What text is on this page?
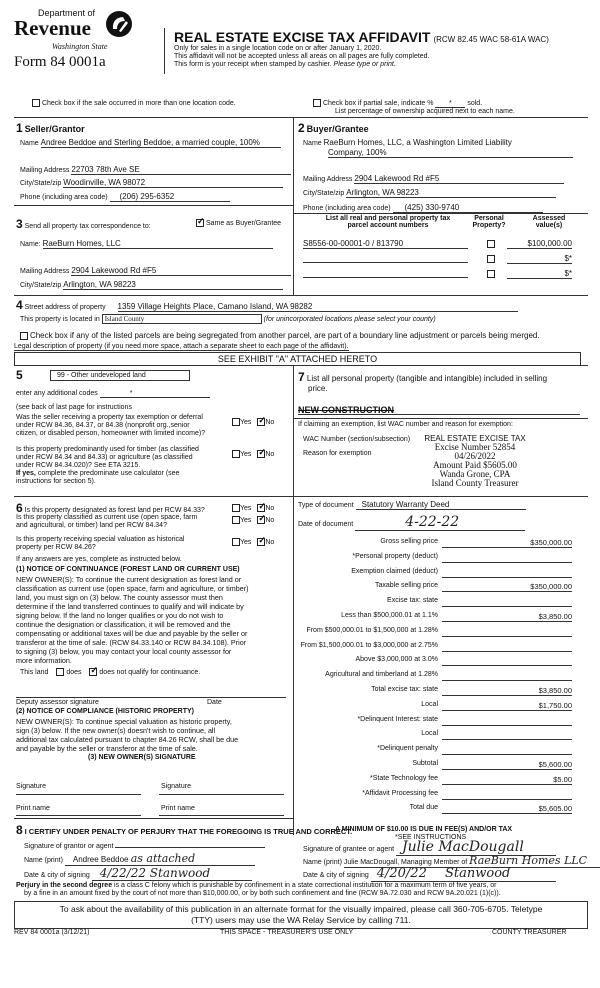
Department of
Revenue
Washington State
Form 84 0001a
REAL ESTATE EXCISE TAX AFFIDAVIT (RCW 82.45 WAC 58-61A WAC)
Only for sales in a single location code on or after January 1, 2020.
This affidavit will not be accepted unless all areas on all pages are fully completed.
This form is your receipt when stamped by cashier. Please type or print.
Check box if the sale occurred in more than one location code.	Check box if partial sale, indicate % * sold.
List percentage of ownership acquired next to each name.
1 Seller/Grantor
Name Andree Beddoe and Sterling Beddoe, a married couple, 100%
Mailing Address 22703 78th Ave SE
City/State/zip Woodinville, WA 98072
Phone (including area code) (206) 295-6352
2 Buyer/Grantee
Name RaeBurn Homes, LLC, a Washington Limited Liability
Company, 100%
Mailing Address 2904 Lakewood Rd #F5
City/State/zip Arlington, WA 98223
Phone (including area code) (425) 330-9740
3 Send all property tax correspondence to: ✓	Same as Buyer/Grantee
Name: RaeBurn Homes, LLC
Mailing Address 2904 Lakewood Rd #F5
City/State/zip Arlington, WA 98223
List all real and personal property tax
parcel account numbers
Personal
Property?
Assessed
value(s)
S8556-00-00001-0 / 813790	$100,000.00
$*
$*
4 Street address of property 1359 Village Heights Place, Camano Island, WA 98282
This property is located in Island County	(for unincorporated locations please select your county)
Check box if any of the listed parcels are being segregated from another parcel, are part of a boundary line adjustment or parcels being merged.
Legal description of property (if you need more space, attach a separate sheet to each page of the affidavit).
SEE EXHIBIT "A" ATTACHED HERETO
5	99 - Other undeveloped land
enter any additional codes	*
(see back of last page for instructions
Was the seller receiving a property tax exemption or deferral
under RCW 84.36, 84.37, or 84.38 (nonprofit org.,senior
citizen, or disabled person, homeowner with limited income)?
Yes ✓ No
Is this property predominantly used for timber (as classified
under RCW 84.34 and 84.33) or agriculture (as classified
under RCW 84.34.020)? See ETA 3215.
If yes, complete the predominate use calculator (see
instructions for section 5).
Yes ✓ No
6 Is this property designated as forest land per RCW 84.33?	Yes ✓ No
Is this property classified as current use (open space, farm
and agricultural, or timber) land per RCW 84.34?
Yes ✓ No
Is this property receiving special valuation as historical
property per RCW 84.26?
Yes ✓ No
If any answers are yes, complete as instructed below.
(1) NOTICE OF CONTINUANCE (FOREST LAND OR CURRENT USE)
NEW OWNER(S): To continue the current designation as forest land or
classification as current use (open space, farm and agriculture, or timber)
land, you must sign on (3) below. The county assessor must then
determine if the land transferred continues to qualify and will indicate by
signing below. If the land no longer qualifies or you do not wish to
continue the designation or classification, it will be removed and the
compensating or additional taxes will be due and payable by the seller or
transferor at the time of sale. (RCW 84.33.140 or RCW 84.34.108). Prior
to signing (3) below, you may contact your local county assessor for
more information.
This land	does ✓	does not qualify for continuance.
Deputy assessor signature	Date
(2) NOTICE OF COMPLIANCE (HISTORIC PROPERTY)
NEW OWNER(S): To continue special valuation as historic property,
sign (3) below. If the new owner(s) doesn't wish to continue, all
additional tax calculated pursuant to chapter 84.26 RCW, shall be due
and payable by the seller or transferor at the time of sale.
(3) NEW OWNER(S) SIGNATURE
Signature	Signature
Print name	Print name
7 List all personal property (tangible and intangible) included in selling
price.
NEW CONSTRUCTION
If claiming an exemption, list WAC number and reason for exemption:
WAC Number (section/subsection)
Reason for exemption
REAL ESTATE EXCISE TAX
Excise Number 52854
04/26/2022
Amount Paid $5605.00
Wanda Grone, CPA
Island County Treasurer
Type of document Statutory Warranty Deed
Date of document	4-22-22
Gross selling price	$350,000.00
*Personal property (deduct)
Exemption claimed (deduct)
Taxable selling price	$350,000.00
Excise tax: state
Less than $500,000.01 at 1.1%	$3,850.00
From $500,000.01 to $1,500,000 at 1.28%
From $1,500,000.01 to $3,000,000 at 2.75%
Above $3,000,000 at 3.0%
Agricultural and timberland at 1.28%
Total excise tax: state	$3,850.00
Local	$1,750.00
*Delinquent Interest: state
Local
*Delinquent penalty
Subtotal	$5,600.00
*State Technology fee	$5.00
*Affidavit Processing fee
Total due	$5,605.00
A MINIMUM OF $10.00 IS DUE IN FEE(S) AND/OR TAX
*SEE INSTRUCTIONS
8 I CERTIFY UNDER PENALTY OF PERJURY THAT THE FOREGOING IS TRUE AND CORRECT.
Signature of grantor or agent
Name (print) Andree Beddoe as attached
Date & city of signing 4/22/22 Stanwood
Signature of grantee or agent Julie MacDougall
Name (print) Julie MacDougall, Managing Member of RaeBurn Homes LLC
Date & city of signing 4/20/22 Stanwood
Perjury in the second degree is a class C felony which is punishable by confinement in a state correctional institution for a maximum term of five years, or
by a fine in an amount fixed by the court of not more than $10,000.00, or by both such confinement and fine (RCW 9A.72.030 and RCW 9A.20.021 (1)(c)).
To ask about the availability of this publication in an alternate format for the visually impaired, please call 360-705-6705. Teletype
(TTY) users may use the WA Relay Service by calling 711.
REV 84 0001a (3/12/21)	THIS SPACE - TREASURER'S USE ONLY	COUNTY TREASURER
